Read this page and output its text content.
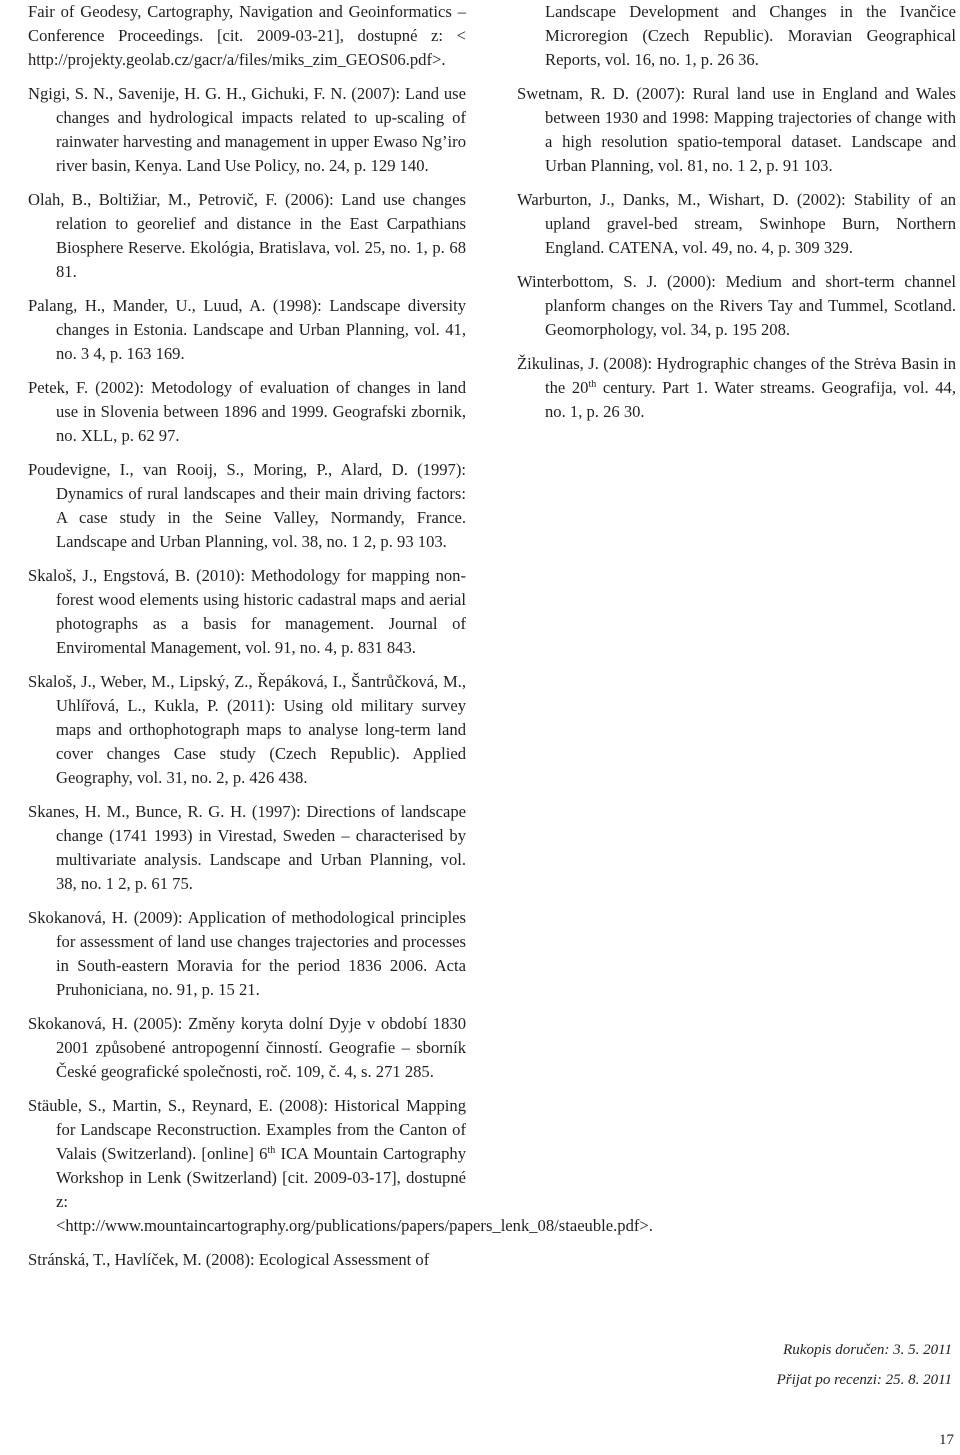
Fair of Geodesy, Cartography, Navigation and Geoinformatics – Conference Proceedings. [cit. 2009-03-21], dostupné z: < http://projekty.geolab.cz/gacr/a/files/miks_zim_GEOS06.pdf>.

Ngigi, S. N., Savenije, H. G. H., Gichuki, F. N. (2007): Land use changes and hydrological impacts related to up-scaling of rainwater harvesting and management in upper Ewaso Ng’iro river basin, Kenya. Land Use Policy, no. 24, p. 129 140.

Olah, B., Boltižiar, M., Petrovič, F. (2006): Land use changes relation to georelief and distance in the East Carpathians Biosphere Reserve. Ekológia, Bratislava, vol. 25, no. 1, p. 68 81.

Palang, H., Mander, U., Luud, A. (1998): Landscape diversity changes in Estonia. Landscape and Urban Planning, vol. 41, no. 3 4, p. 163 169.

Petek, F. (2002): Metodology of evaluation of changes in land use in Slovenia between 1896 and 1999. Geografski zbornik, no. XLL, p. 62 97.

Poudevigne, I., van Rooij, S., Moring, P., Alard, D. (1997): Dynamics of rural landscapes and their main driving factors: A case study in the Seine Valley, Normandy, France. Landscape and Urban Planning, vol. 38, no. 1 2, p. 93 103.

Skaloš, J., Engstová, B. (2010): Methodology for mapping non-forest wood elements using historic cadastral maps and aerial photographs as a basis for management. Journal of Enviromental Management, vol. 91, no. 4, p. 831 843.

Skaloš, J., Weber, M., Lipský, Z., Řepáková, I., Šantrůčková, M., Uhlířová, L., Kukla, P. (2011): Using old military survey maps and orthophotograph maps to analyse long-term land cover changes Case study (Czech Republic). Applied Geography, vol. 31, no. 2, p. 426 438.

Skanes, H. M., Bunce, R. G. H. (1997): Directions of landscape change (1741 1993) in Virestad, Sweden – characterised by multivariate analysis. Landscape and Urban Planning, vol. 38, no. 1 2, p. 61 75.

Skokanová, H. (2009): Application of methodological principles for assessment of land use changes trajectories and processes in South-eastern Moravia for the period 1836 2006. Acta Pruhoniciana, no. 91, p. 15 21.

Skokanová, H. (2005): Změny koryta dolní Dyje v období 1830 2001 způsobené antropogenní činností. Geografie – sborník České geografické společnosti, roč. 109, č. 4, s. 271 285.

Stäuble, S., Martin, S., Reynard, E. (2008): Historical Mapping for Landscape Reconstruction. Examples from the Canton of Valais (Switzerland). [online] 6th ICA Mountain Cartography Workshop in Lenk (Switzerland) [cit. 2009-03-17], dostupné z: <http://www.mountaincartography.org/publications/papers/papers_lenk_08/staeuble.pdf>.

Stránská, T., Havlíček, M. (2008): Ecological Assessment of

Landscape Development and Changes in the Ivančice Microregion (Czech Republic). Moravian Geographical Reports, vol. 16, no. 1, p. 26 36.

Swetnam, R. D. (2007): Rural land use in England and Wales between 1930 and 1998: Mapping trajectories of change with a high resolution spatio-temporal dataset. Landscape and Urban Planning, vol. 81, no. 1 2, p. 91 103.

Warburton, J., Danks, M., Wishart, D. (2002): Stability of an upland gravel-bed stream, Swinhope Burn, Northern England. CATENA, vol. 49, no. 4, p. 309 329.

Winterbottom, S. J. (2000): Medium and short-term channel planform changes on the Rivers Tay and Tummel, Scotland. Geomorphology, vol. 34, p. 195 208.

Žikulinas, J. (2008): Hydrographic changes of the Strėva Basin in the 20th century. Part 1. Water streams. Geografija, vol. 44, no. 1, p. 26 30.

Rukopis doručen: 3. 5. 2011
Přijat po recenzi: 25. 8. 2011
17
